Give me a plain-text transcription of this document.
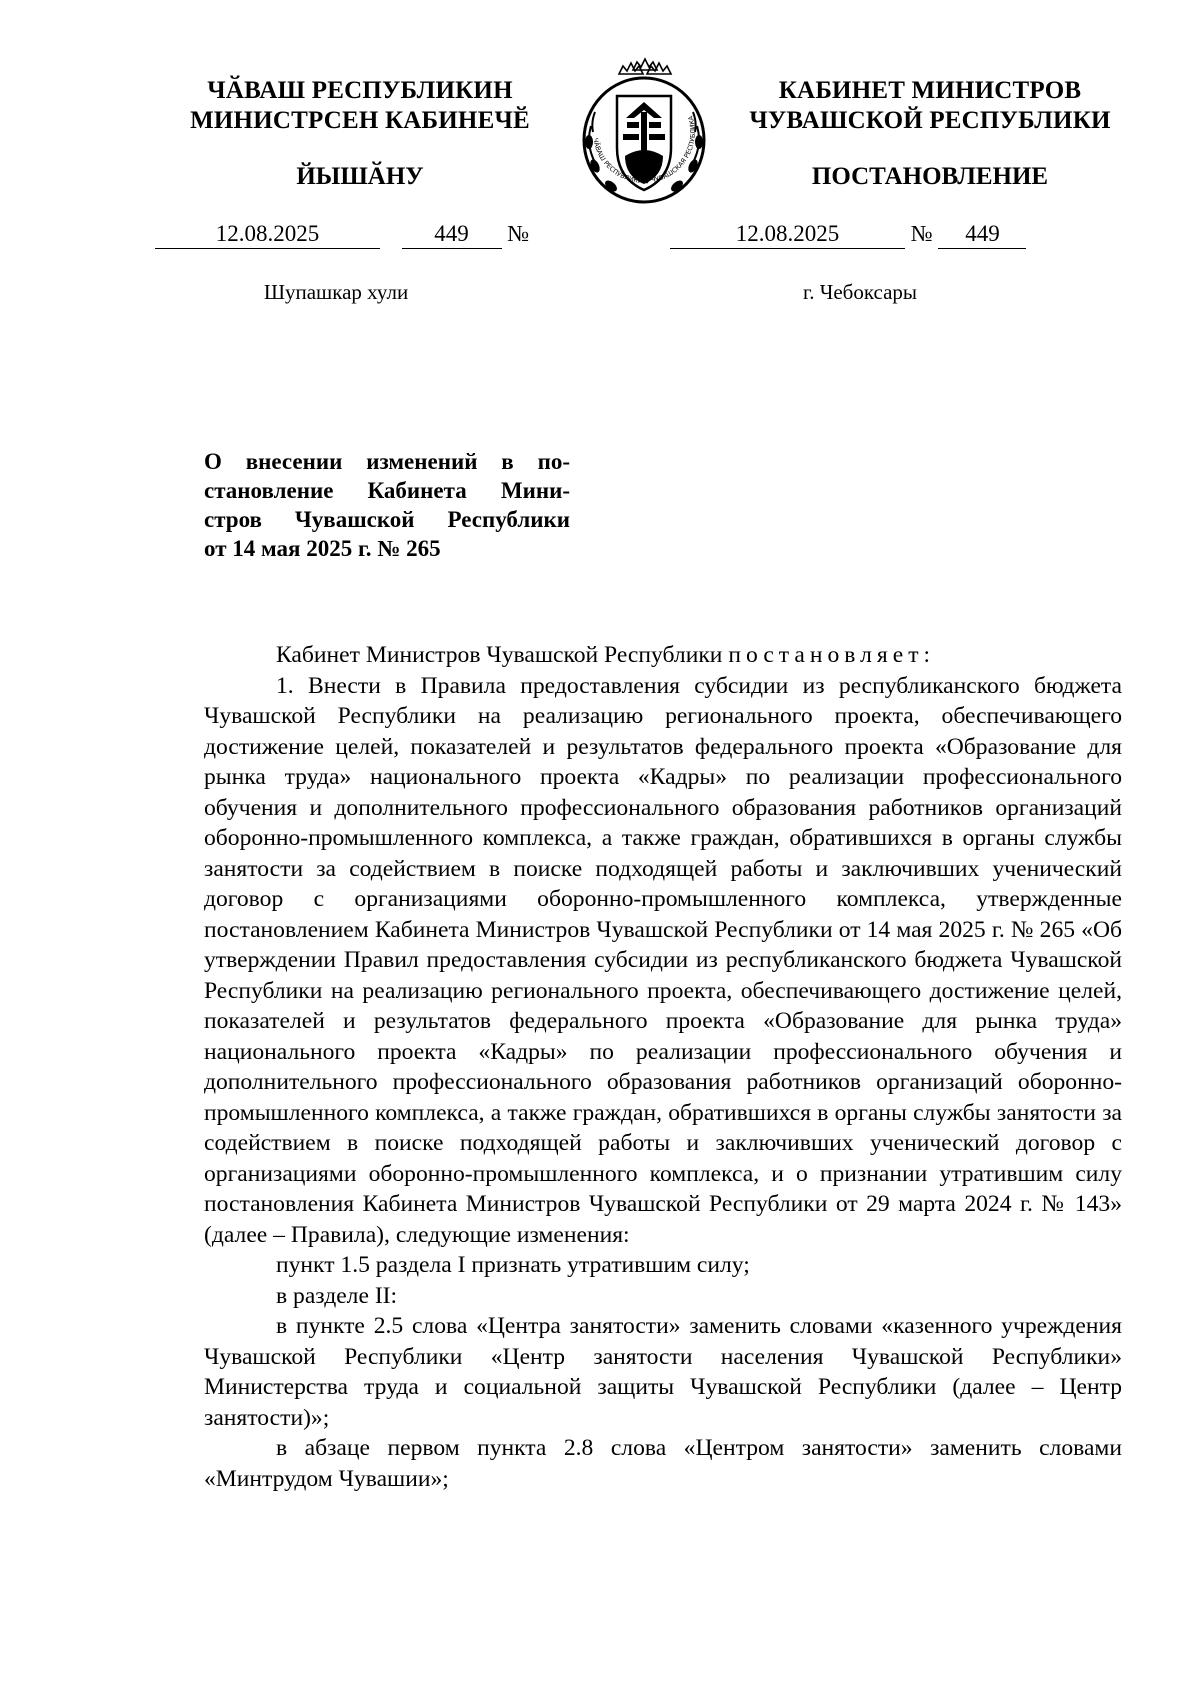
ЧӐВАШ РЕСПУБЛИКИН
МИНИСТРСЕН КАБИНЕЧӖ
ЙЫШӐНУ
КАБИНЕТ МИНИСТРОВ
ЧУВАШСКОЙ РЕСПУБЛИКИ
ПОСТАНОВЛЕНИЕ
ЧӐВАШ РЕСПУБЛИКИ ◆ ЧУВАШСКАЯ РЕСПУБЛИКА
12.08.2025	449 №	12.08.2025	№ 449
Шупашкар хули	г. Чебоксары
О внесении изменений в по-
становление Кабинета Мини-
стров Чувашской Республики
от 14 мая 2025 г. № 265

Кабинет Министров Чувашской Республики постановляет:

1. Внести в Правила предоставления субсидии из республиканского бюджета Чувашской Республики на реализацию регионального проекта, обеспечивающего достижение целей, показателей и результатов федерального проекта «Образование для рынка труда» национального проекта «Кадры» по реализации профессионального обучения и дополнительного профессионального образования работников организаций оборонно-промышленного комплекса, а также граждан, обратившихся в органы службы занятости за содействием в поиске подходящей работы и заключивших ученический договор с организациями оборонно-промышленного комплекса, утвержденные постановлением Кабинета Министров Чувашской Республики от 14 мая 2025 г. № 265 «Об утверждении Правил предоставления субсидии из республиканского бюджета Чувашской Республики на реализацию регионального проекта, обеспечивающего достижение целей, показателей и результатов федерального проекта «Образование для рынка труда» национального проекта «Кадры» по реализации профессионального обучения и дополнительного профессионального образования работников организаций оборонно-промышленного комплекса, а также граждан, обратившихся в органы службы занятости за содействием в поиске подходящей работы и заключивших ученический договор с организациями оборонно-промышленного комплекса, и о признании утратившим силу постановления Кабинета Министров Чувашской Республики от 29 марта 2024 г. № 143» (далее – Правила), следующие изменения:

пункт 1.5 раздела I признать утратившим силу;

в разделе II:

в пункте 2.5 слова «Центра занятости» заменить словами «казенного учреждения Чувашской Республики «Центр занятости населения Чувашской Республики» Министерства труда и социальной защиты Чувашской Республики (далее – Центр занятости)»;

в абзаце первом пункта 2.8 слова «Центром занятости» заменить словами «Минтрудом Чувашии»;
